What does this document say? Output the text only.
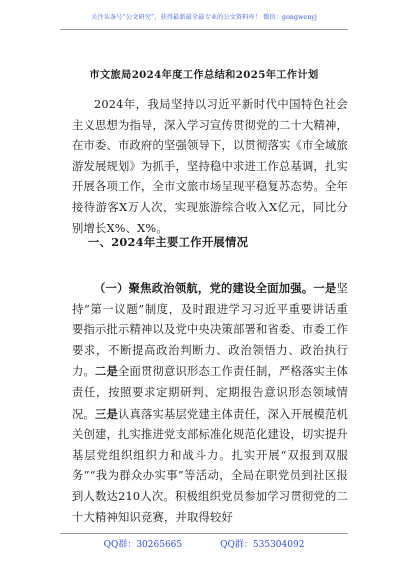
关注头条号“公文研究”，获得最新最全最专业的公文资料库！ 微信：gongwenyj
市文旅局2024年度工作总结和2025年工作计划

2024年，我局坚持以习近平新时代中国特色社会主义思想为指导，深入学习宣传贯彻党的二十大精神，在市委、市政府的坚强领导下，以贯彻落实《市全域旅游发展规划》为抓手，坚持稳中求进工作总基调，扎实开展各项工作，全市文旅市场呈现平稳复苏态势。全年接待游客X万人次，实现旅游综合收入X亿元，同比分别增长X%、X%。

一、2024年主要工作开展情况

（一）聚焦政治领航，党的建设全面加强。一是坚持“第一议题”制度，及时跟进学习习近平重要讲话重要指示批示精神以及党中央决策部署和省委、市委工作要求，不断提高政治判断力、政治领悟力、政治执行力。二是全面贯彻意识形态工作责任制，严格落实主体责任，按照要求定期研判、定期报告意识形态领域情况。三是认真落实基层党建主体责任，深入开展模范机关创建，扎实推进党支部标准化规范化建设，切实提升基层党组织组织力和战斗力。扎实开展“双报到双服务”“我为群众办实事”等活动，全局在职党员到社区报到人数达210人次。积极组织党员参加学习贯彻党的二十大精神知识竞赛，并取得较好

QQ群：30265665	QQ群：535304092
